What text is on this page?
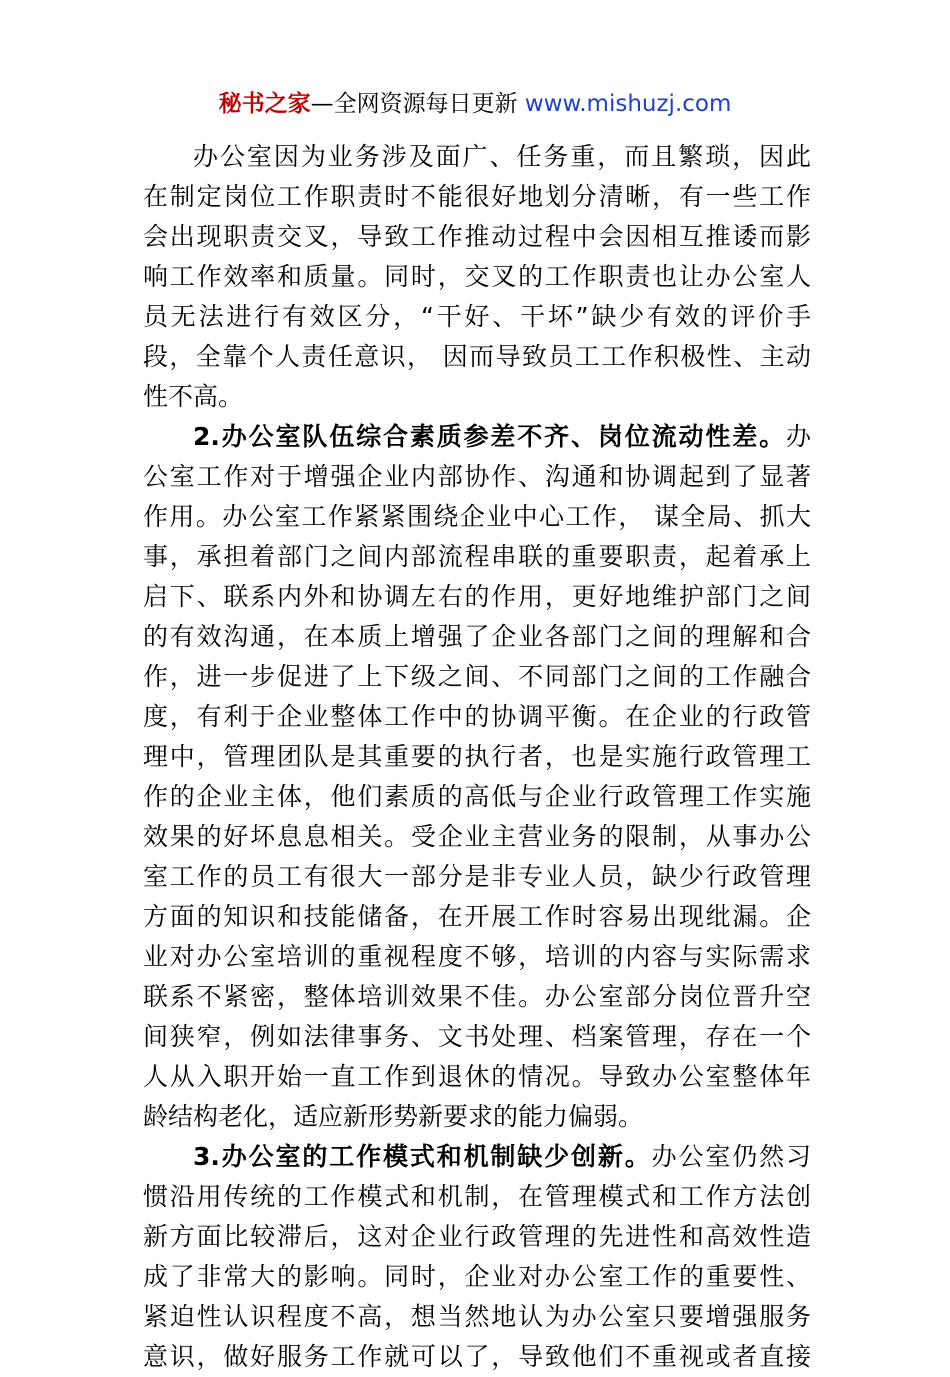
秘书之家—全网资源每日更新 www.mishuzj.com
办公室因为业务涉及面广、任务重，而且繁琐，因此
在制定岗位工作职责时不能很好地划分清晰，有一些工作
会出现职责交叉，导致工作推动过程中会因相互推诿而影
响工作效率和质量。同时，交叉的工作职责也让办公室人
员无法进行有效区分，“干好、干坏”缺少有效的评价手
段，全靠个人责任意识， 因而导致员工工作积极性、主动
性不高。
2.办公室队伍综合素质参差不齐、岗位流动性差。办
公室工作对于增强企业内部协作、沟通和协调起到了显著
作用。办公室工作紧紧围绕企业中心工作， 谋全局、抓大
事，承担着部门之间内部流程串联的重要职责，起着承上
启下、联系内外和协调左右的作用，更好地维护部门之间
的有效沟通，在本质上增强了企业各部门之间的理解和合
作，进一步促进了上下级之间、不同部门之间的工作融合
度，有利于企业整体工作中的协调平衡。在企业的行政管
理中，管理团队是其重要的执行者，也是实施行政管理工
作的企业主体，他们素质的高低与企业行政管理工作实施
效果的好坏息息相关。受企业主营业务的限制，从事办公
室工作的员工有很大一部分是非专业人员，缺少行政管理
方面的知识和技能储备，在开展工作时容易出现纰漏。企
业对办公室培训的重视程度不够，培训的内容与实际需求
联系不紧密，整体培训效果不佳。办公室部分岗位晋升空
间狭窄，例如法律事务、文书处理、档案管理，存在一个
人从入职开始一直工作到退休的情况。导致办公室整体年
龄结构老化，适应新形势新要求的能力偏弱。
3.办公室的工作模式和机制缺少创新。办公室仍然习
惯沿用传统的工作模式和机制，在管理模式和工作方法创
新方面比较滞后，这对企业行政管理的先进性和高效性造
成了非常大的影响。同时，企业对办公室工作的重要性、
紧迫性认识程度不高，想当然地认为办公室只要增强服务
意识，做好服务工作就可以了，导致他们不重视或者直接
